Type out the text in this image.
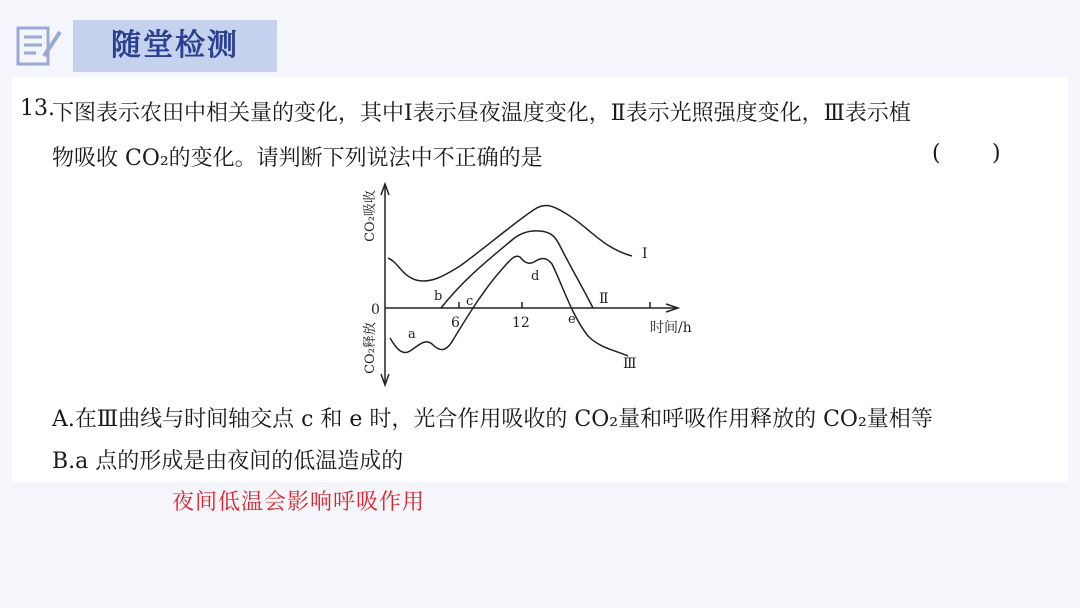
随堂检测
13.
下图表示农田中相关量的变化，其中Ⅰ表示昼夜温度变化，Ⅱ表示光照强度变化，Ⅲ表示植
物吸收 CO₂的变化。请判断下列说法中不正确的是	( )
CO₂吸收
CO₂释放
0
6	12	时间/h
a
b c
d
e
Ⅰ
Ⅱ
Ⅲ
A.在Ⅲ曲线与时间轴交点 c 和 e 时，光合作用吸收的 CO₂量和呼吸作用释放的 CO₂量相等
B.a 点的形成是由夜间的低温造成的
夜间低温会影响呼吸作用
